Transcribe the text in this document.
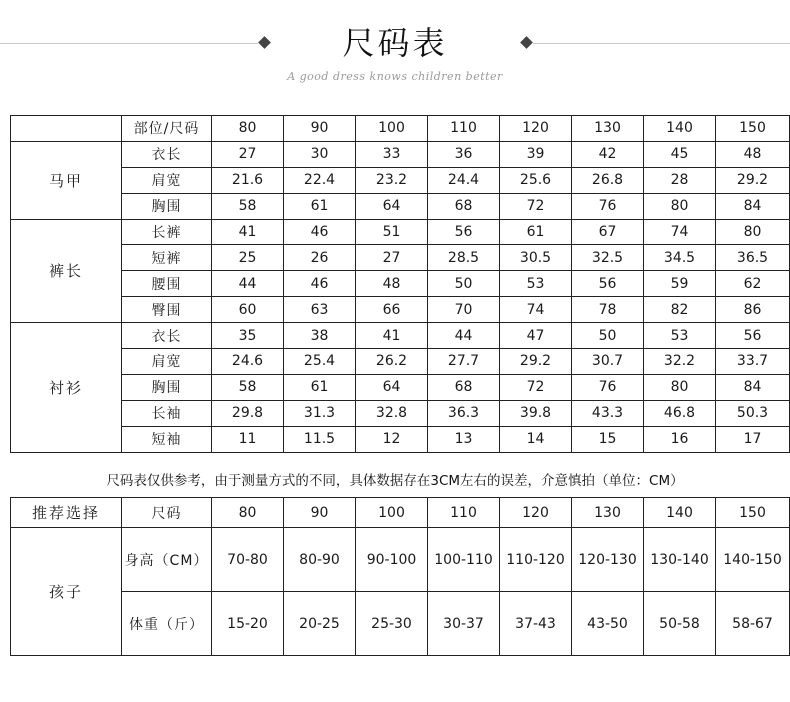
尺码表
A good dress knows children better
	部位/尺码	80	90	100	110	120	130	140	150
马甲	衣长	27	30	33	36	39	42	45	48
	肩宽	21.6	22.4	23.2	24.4	25.6	26.8	28	29.2
	胸围	58	61	64	68	72	76	80	84
裤长	长裤	41	46	51	56	61	67	74	80
	短裤	25	26	27	28.5	30.5	32.5	34.5	36.5
	腰围	44	46	48	50	53	56	59	62
	臀围	60	63	66	70	74	78	82	86
衬衫	衣长	35	38	41	44	47	50	53	56
	肩宽	24.6	25.4	26.2	27.7	29.2	30.7	32.2	33.7
	胸围	58	61	64	68	72	76	80	84
	长袖	29.8	31.3	32.8	36.3	39.8	43.3	46.8	50.3
	短袖	11	11.5	12	13	14	15	16	17
尺码表仅供参考，由于测量方式的不同，具体数据存在3CM左右的误差，介意慎拍（单位：CM）
推荐选择	尺码	80	90	100	110	120	130	140	150
孩子	身高（CM）	70-80	80-90	90-100	100-110	110-120	120-130	130-140	140-150
	体重（斤）	15-20	20-25	25-30	30-37	37-43	43-50	50-58	58-67
